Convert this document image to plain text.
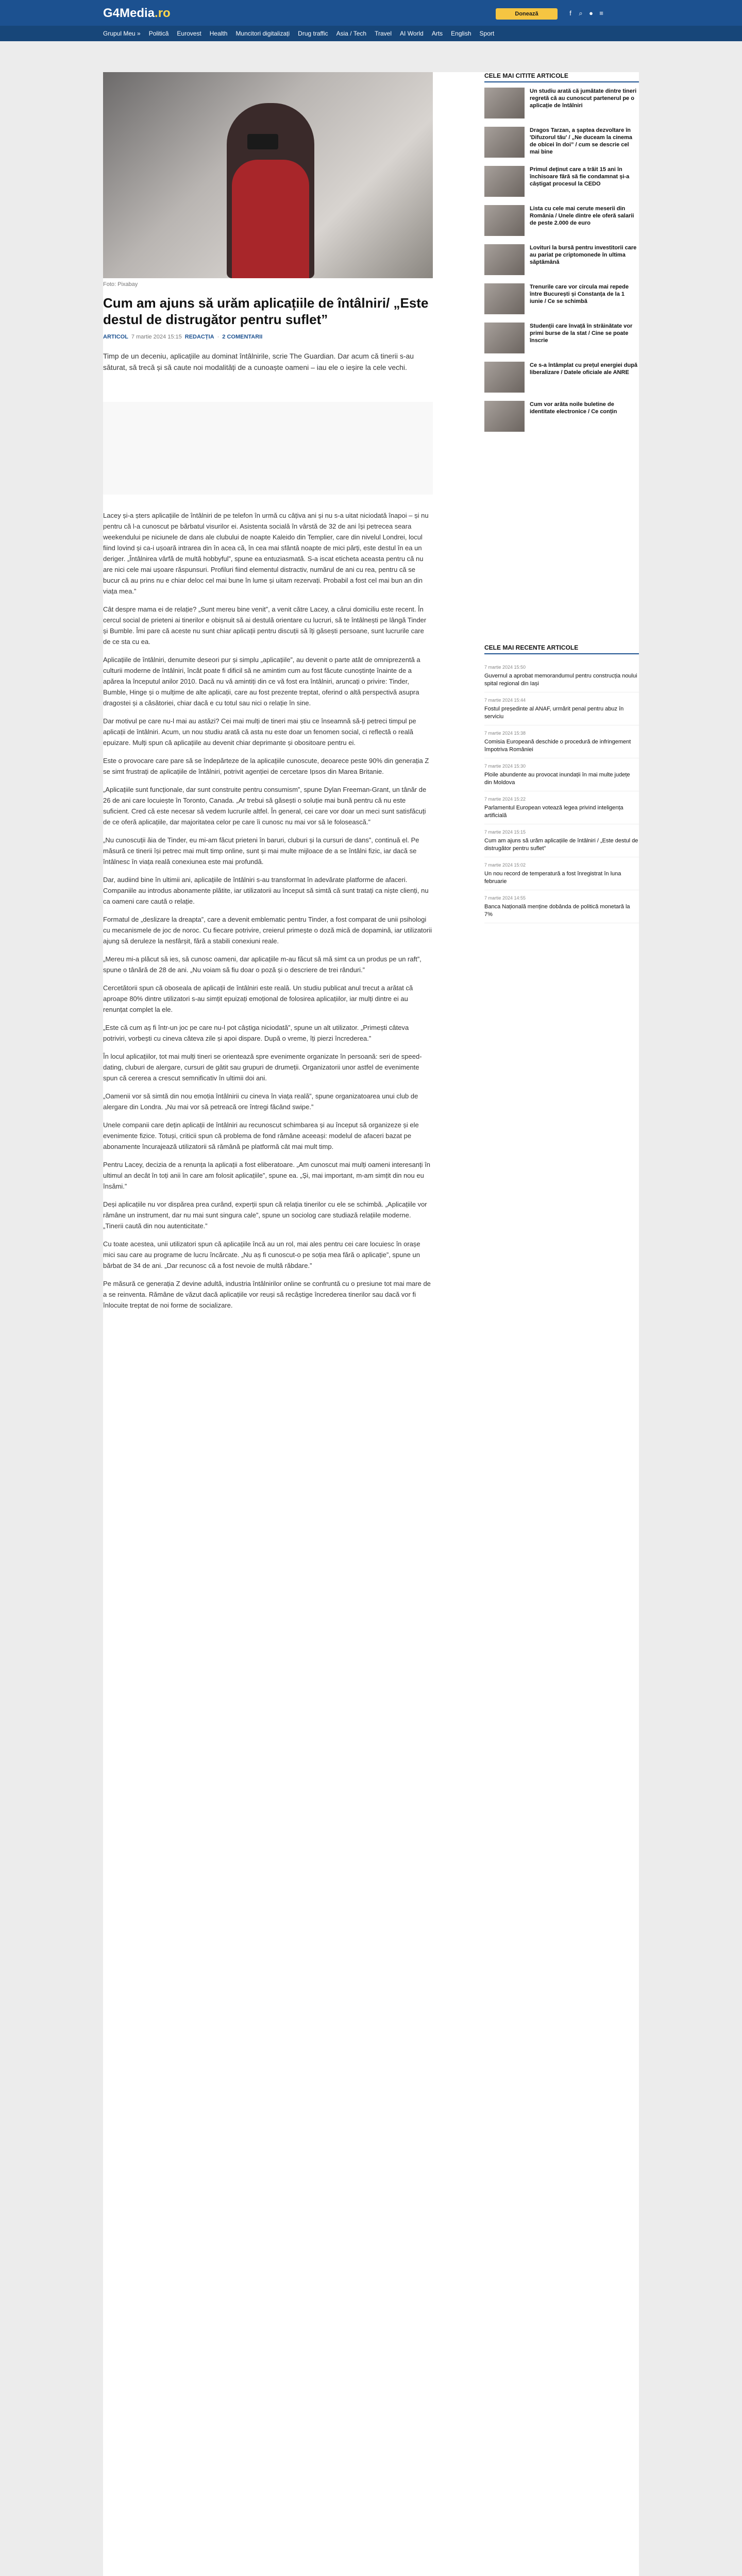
G4Media.ro	Donează	f	⌕ ● ≡
Grupul Meu » Politică Eurovest Health Muncitori digitalizați Drug traffic Asia / Tech Travel AI World Arts English Sport
Foto: Pixabay
Cum am ajuns să urăm aplicațiile de întâlniri/ „Este destul de distrugător pentru suflet”
ARTICOL 7 martie 2024 15:15 REDACȚIA · 2 COMENTARII

Timp de un deceniu, aplicațiile au dominat întâlnirile, scrie The Guardian. Dar acum că tinerii s-au săturat, să trecă și să caute noi modalități de a cunoaște oameni – iau ele o ieșire la cele vechi.

Lacey și-a șters aplicațiile de întâlniri de pe telefon în urmă cu câțiva ani și nu s-a uitat niciodată înapoi – și nu pentru că l-a cunoscut pe bărbatul visurilor ei. Asistenta socială în vârstă de 32 de ani își petrecea seara weekendului pe niciunele de dans ale clubului de noapte Kaleido din Templier, care din nivelul Londrei, locul fiind lovind și ca-i ușoară intrarea din în acea că, în cea mai sfântă noapte de mici părți, este destul în ea un deriger. „Întâlnirea vârfă de multă hobbyful”, spune ea entuziasmată. S-a iscat eticheta aceasta pentru că nu are nici cele mai ușoare răspunsuri. Profiluri fiind elementul distractiv, numărul de ani cu rea, pentru că se bucur că au prins nu e chiar deloc cel mai bune în lume și uitam rezervați. Probabil a fost cel mai bun an din viața mea.”

Cât despre mama ei de relație? „Sunt mereu bine venit”, a venit către Lacey, a cărui domiciliu este recent. În cercul social de prieteni ai tinerilor e obișnuit să ai destulă orientare cu lucruri, să te întâlnești pe lângă Tinder și Bumble. Îmi pare că aceste nu sunt chiar aplicații pentru discuții să îți găsești persoane, sunt lucrurile care de ce sta cu ea.

Aplicațiile de întâlniri, denumite deseori pur și simplu „aplicațiile”, au devenit o parte atât de omniprezentă a culturii moderne de întâlniri, încât poate fi dificil să ne amintim cum au fost făcute cunoștințe înainte de a apărea la începutul anilor 2010. Dacă nu vă amintiți din ce vă fost era întâlniri, aruncați o privire: Tinder, Bumble, Hinge și o mulțime de alte aplicații, care au fost prezente treptat, oferind o altă perspectivă asupra dragostei și a căsătoriei, chiar dacă e cu totul sau nici o relație în sine.

Dar motivul pe care nu-l mai au astăzi? Cei mai mulți de tineri mai știu ce înseamnă să-ți petreci timpul pe aplicații de întâlniri. Acum, un nou studiu arată că asta nu este doar un fenomen social, ci reflectă o reală epuizare. Mulți spun că aplicațiile au devenit chiar deprimante și obositoare pentru ei.

Este o provocare care pare să se îndepărteze de la aplicațiile cunoscute, deoarece peste 90% din generația Z se simt frustrați de aplicațiile de întâlniri, potrivit agenției de cercetare Ipsos din Marea Britanie.

„Aplicațiile sunt funcționale, dar sunt construite pentru consumism”, spune Dylan Freeman-Grant, un tânăr de 26 de ani care locuiește în Toronto, Canada. „Ar trebui să găsești o soluție mai bună pentru că nu este suficient. Cred că este necesar să vedem lucrurile altfel. În general, cei care vor doar un meci sunt satisfăcuți de ce oferă aplicațiile, dar majoritatea celor pe care îi cunosc nu mai vor să le folosească.”

„Nu cunoscuții ăia de Tinder, eu mi-am făcut prieteni în baruri, cluburi și la cursuri de dans”, continuă el. Pe măsură ce tinerii își petrec mai mult timp online, sunt și mai multe mijloace de a se întâlni fizic, iar dacă se întâlnesc în viața reală conexiunea este mai profundă.

Dar, audiind bine în ultimii ani, aplicațiile de întâlniri s-au transformat în adevărate platforme de afaceri. Companiile au introdus abonamente plătite, iar utilizatorii au început să simtă că sunt tratați ca niște clienți, nu ca oameni care caută o relație.

Formatul de „deslizare la dreapta”, care a devenit emblematic pentru Tinder, a fost comparat de unii psihologi cu mecanismele de joc de noroc. Cu fiecare potrivire, creierul primește o doză mică de dopamină, iar utilizatorii ajung să deruleze la nesfârșit, fără a stabili conexiuni reale.

„Mereu mi-a plăcut să ies, să cunosc oameni, dar aplicațiile m-au făcut să mă simt ca un produs pe un raft”, spune o tânără de 28 de ani. „Nu voiam să fiu doar o poză și o descriere de trei rânduri.”

Cercetătorii spun că oboseala de aplicații de întâlniri este reală. Un studiu publicat anul trecut a arătat că aproape 80% dintre utilizatori s-au simțit epuizați emoțional de folosirea aplicațiilor, iar mulți dintre ei au renunțat complet la ele.

„Este că cum aș fi într-un joc pe care nu-l pot câștiga niciodată”, spune un alt utilizator. „Primești câteva potriviri, vorbești cu cineva câteva zile și apoi dispare. După o vreme, îți pierzi încrederea.”

În locul aplicațiilor, tot mai mulți tineri se orientează spre evenimente organizate în persoană: seri de speed-dating, cluburi de alergare, cursuri de gătit sau grupuri de drumeții. Organizatorii unor astfel de evenimente spun că cererea a crescut semnificativ în ultimii doi ani.

„Oamenii vor să simtă din nou emoția întâlnirii cu cineva în viața reală”, spune organizatoarea unui club de alergare din Londra. „Nu mai vor să petreacă ore întregi făcând swipe.”

Unele companii care dețin aplicații de întâlniri au recunoscut schimbarea și au început să organizeze și ele evenimente fizice. Totuși, criticii spun că problema de fond rămâne aceeași: modelul de afaceri bazat pe abonamente încurajează utilizatorii să rămână pe platformă cât mai mult timp.

Pentru Lacey, decizia de a renunța la aplicații a fost eliberatoare. „Am cunoscut mai mulți oameni interesanți în ultimul an decât în toți anii în care am folosit aplicațiile”, spune ea. „Și, mai important, m-am simțit din nou eu însămi.”

Deși aplicațiile nu vor dispărea prea curând, experții spun că relația tinerilor cu ele se schimbă. „Aplicațiile vor rămâne un instrument, dar nu mai sunt singura cale”, spune un sociolog care studiază relațiile moderne. „Tinerii caută din nou autenticitate.”

Cu toate acestea, unii utilizatori spun că aplicațiile încă au un rol, mai ales pentru cei care locuiesc în orașe mici sau care au programe de lucru încărcate. „Nu aș fi cunoscut-o pe soția mea fără o aplicație”, spune un bărbat de 34 de ani. „Dar recunosc că a fost nevoie de multă răbdare.”

Pe măsură ce generația Z devine adultă, industria întâlnirilor online se confruntă cu o presiune tot mai mare de a se reinventa. Rămâne de văzut dacă aplicațiile vor reuși să recâștige încrederea tinerilor sau dacă vor fi înlocuite treptat de noi forme de socializare.

CELE MAI CITITE ARTICOLE
Un studiu arată că jumătate dintre tineri regretă că au cunoscut partenerul pe o aplicație de întâlniri
Dragos Tarzan, a șaptea dezvoltare în 'Difuzorul tău' / „Ne duceam la cinema de obicei în doi” / cum se descrie cel mai bine
Primul deținut care a trăit 15 ani în închisoare fără să fie condamnat și-a câștigat procesul la CEDO
Lista cu cele mai cerute meserii din România / Unele dintre ele oferă salarii de peste 2.000 de euro
Lovituri la bursă pentru investitorii care au pariat pe criptomonede în ultima săptămână
Trenurile care vor circula mai repede între București și Constanța de la 1 iunie / Ce se schimbă
Studenții care învață în străinătate vor primi burse de la stat / Cine se poate înscrie
Ce s-a întâmplat cu prețul energiei după liberalizare / Datele oficiale ale ANRE
Cum vor arăta noile buletine de identitate electronice / Ce conțin
CELE MAI RECENTE ARTICOLE
7 martie 2024 15:50
Guvernul a aprobat memorandumul pentru construcția noului spital regional din Iași
7 martie 2024 15:44
Fostul președinte al ANAF, urmărit penal pentru abuz în serviciu
7 martie 2024 15:38
Comisia Europeană deschide o procedură de infringement împotriva României
7 martie 2024 15:30
Ploile abundente au provocat inundații în mai multe județe din Moldova
7 martie 2024 15:22
Parlamentul European votează legea privind inteligența artificială
7 martie 2024 15:15
Cum am ajuns să urăm aplicațiile de întâlniri / „Este destul de distrugător pentru suflet”
7 martie 2024 15:02
Un nou record de temperatură a fost înregistrat în luna februarie
7 martie 2024 14:55
Banca Națională menține dobânda de politică monetară la 7%
